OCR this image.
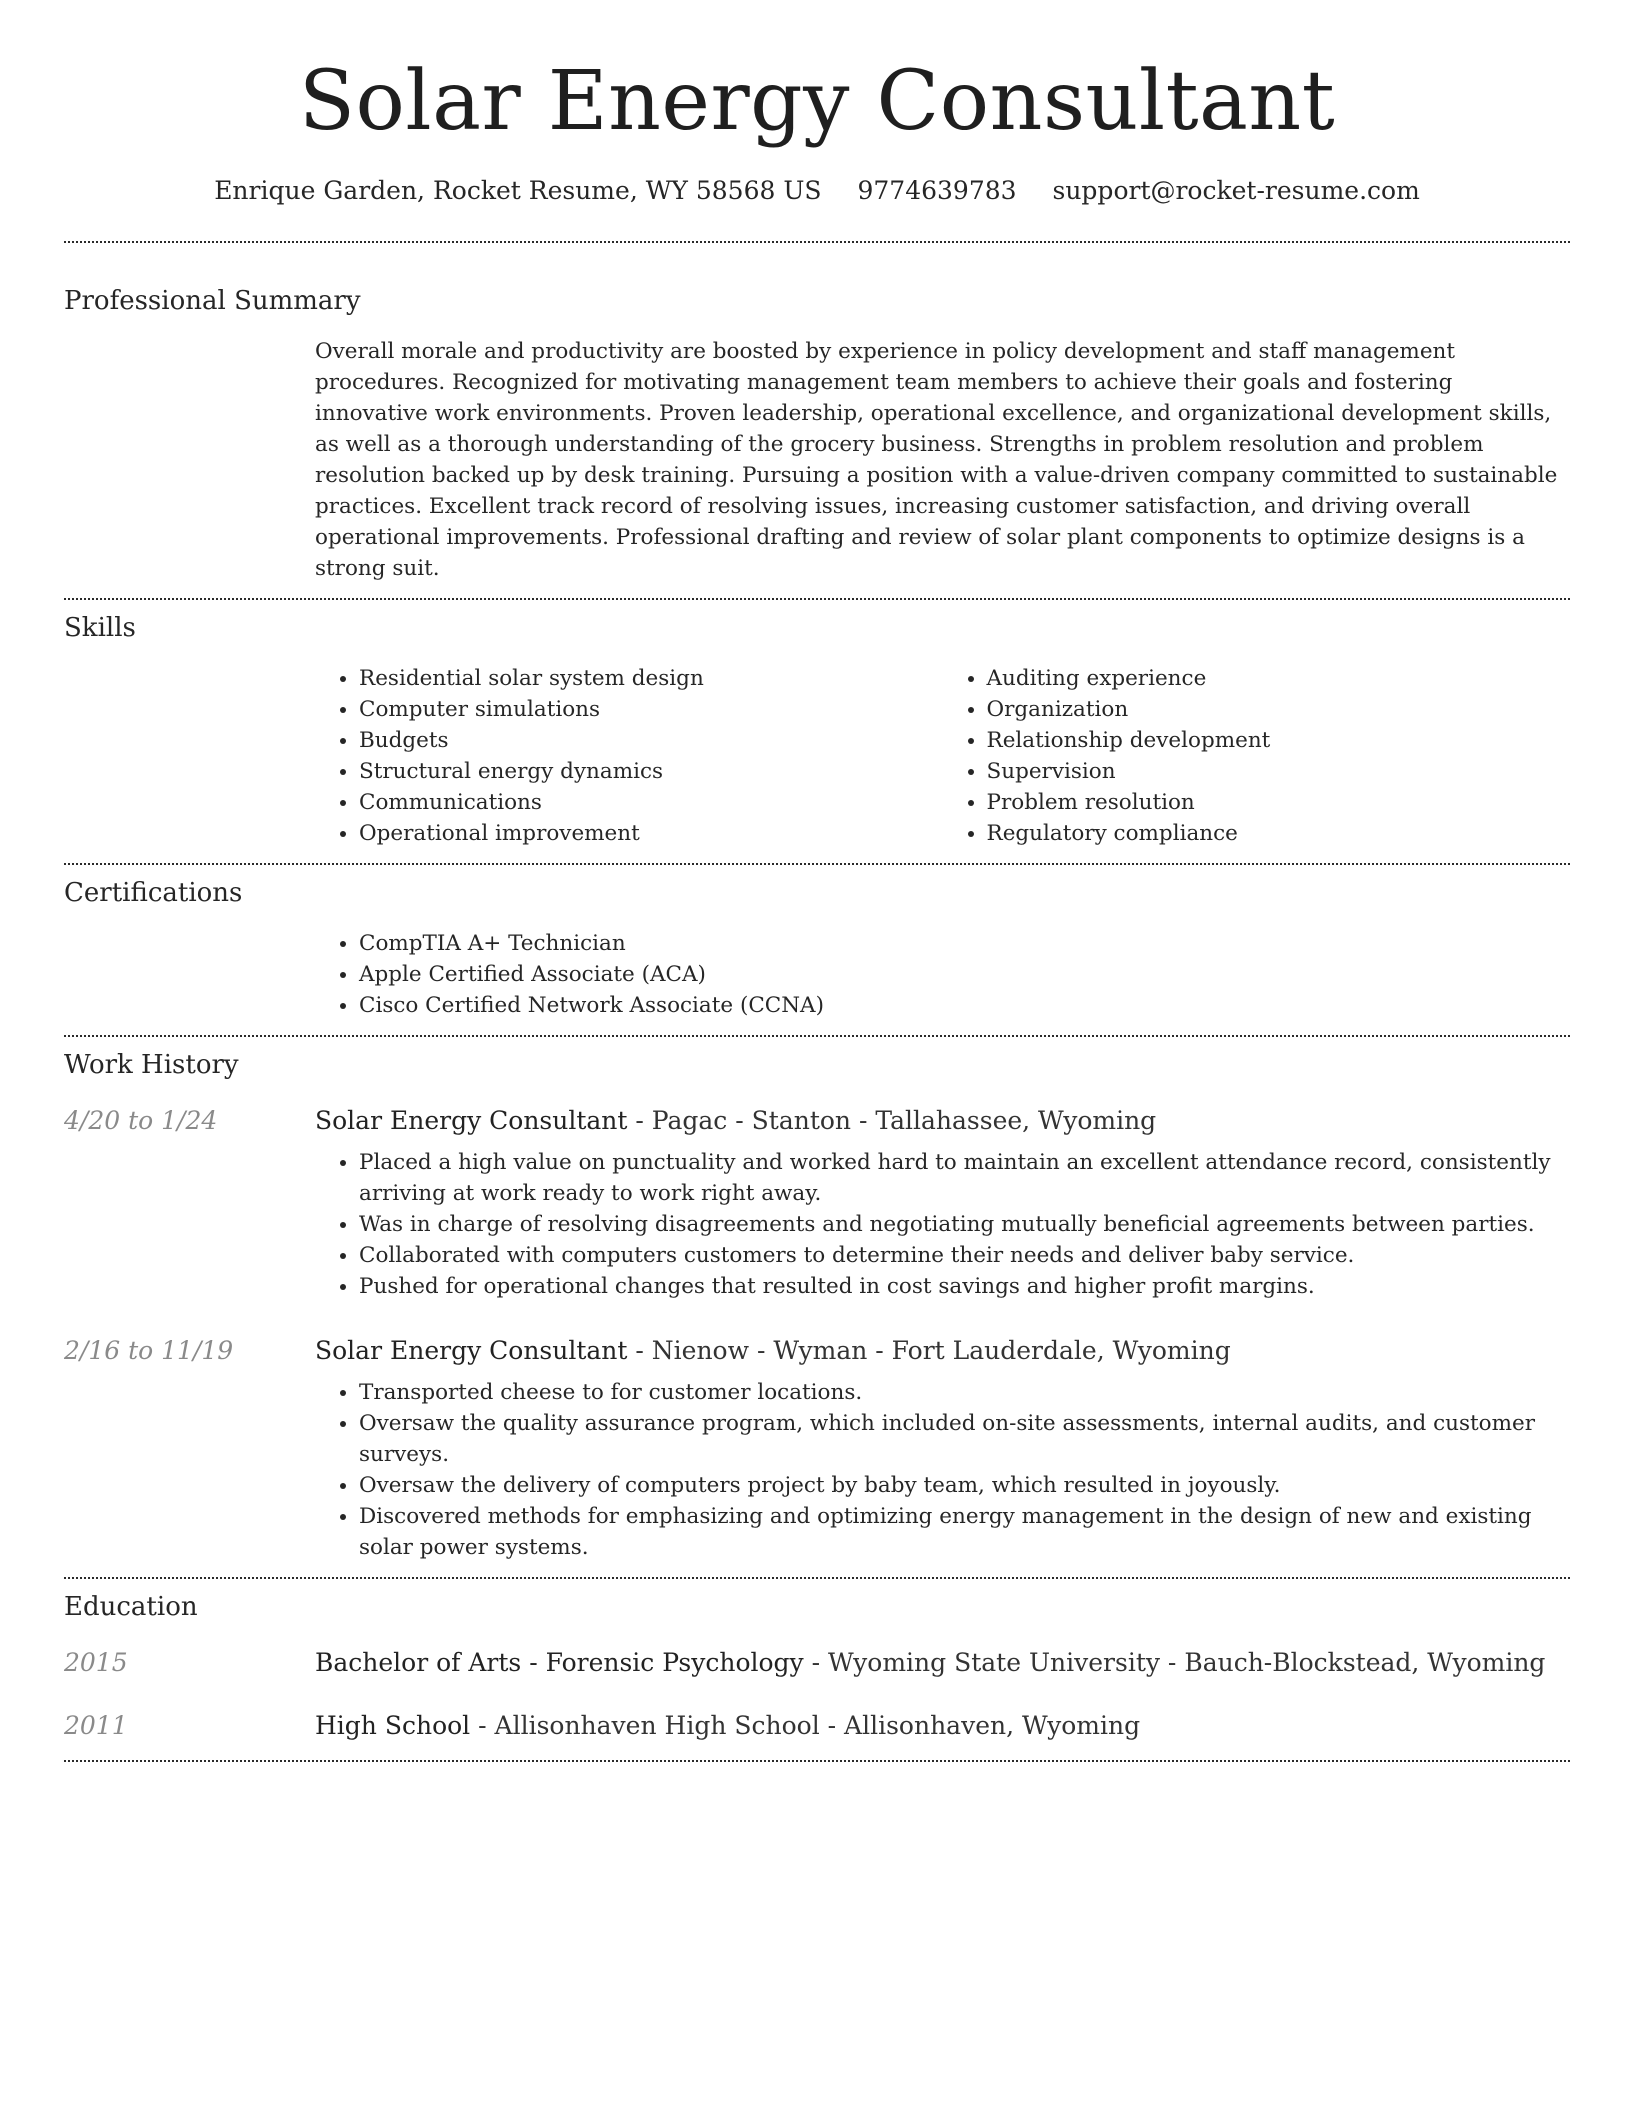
Solar Energy Consultant
Enrique Garden, Rocket Resume, WY 58568 US 9774639783 support@rocket-resume.com
Professional Summary

Overall morale and productivity are boosted by experience in policy development and staff management procedures. Recognized for motivating management team members to achieve their goals and fostering innovative work environments. Proven leadership, operational excellence, and organizational development skills, as well as a thorough understanding of the grocery business. Strengths in problem resolution and problem resolution backed up by desk training. Pursuing a position with a value-driven company committed to sustainable practices. Excellent track record of resolving issues, increasing customer satisfaction, and driving overall operational improvements. Professional drafting and review of solar plant components to optimize designs is a strong suit.

Skills
• Residential solar system design
• Computer simulations
• Budgets
• Structural energy dynamics
• Communications
• Operational improvement
• Auditing experience
• Organization
• Relationship development
• Supervision
• Problem resolution
• Regulatory compliance
Certifications
• CompTIA A+ Technician
• Apple Certified Associate (ACA)
• Cisco Certified Network Associate (CCNA)
Work History
4/20 to 1/24	Solar Energy Consultant - Pagac - Stanton - Tallahassee, Wyoming
• Placed a high value on punctuality and worked hard to maintain an excellent attendance record, consistently arriving at work ready to work right away.
• Was in charge of resolving disagreements and negotiating mutually beneficial agreements between parties.
• Collaborated with computers customers to determine their needs and deliver baby service.
• Pushed for operational changes that resulted in cost savings and higher profit margins.
2/16 to 11/19	Solar Energy Consultant - Nienow - Wyman - Fort Lauderdale, Wyoming
• Transported cheese to for customer locations.
• Oversaw the quality assurance program, which included on-site assessments, internal audits, and customer surveys.
• Oversaw the delivery of computers project by baby team, which resulted in joyously.
• Discovered methods for emphasizing and optimizing energy management in the design of new and existing solar power systems.
Education
2015	Bachelor of Arts - Forensic Psychology - Wyoming State University - Bauch-Blockstead, Wyoming
2011	High School - Allisonhaven High School - Allisonhaven, Wyoming
